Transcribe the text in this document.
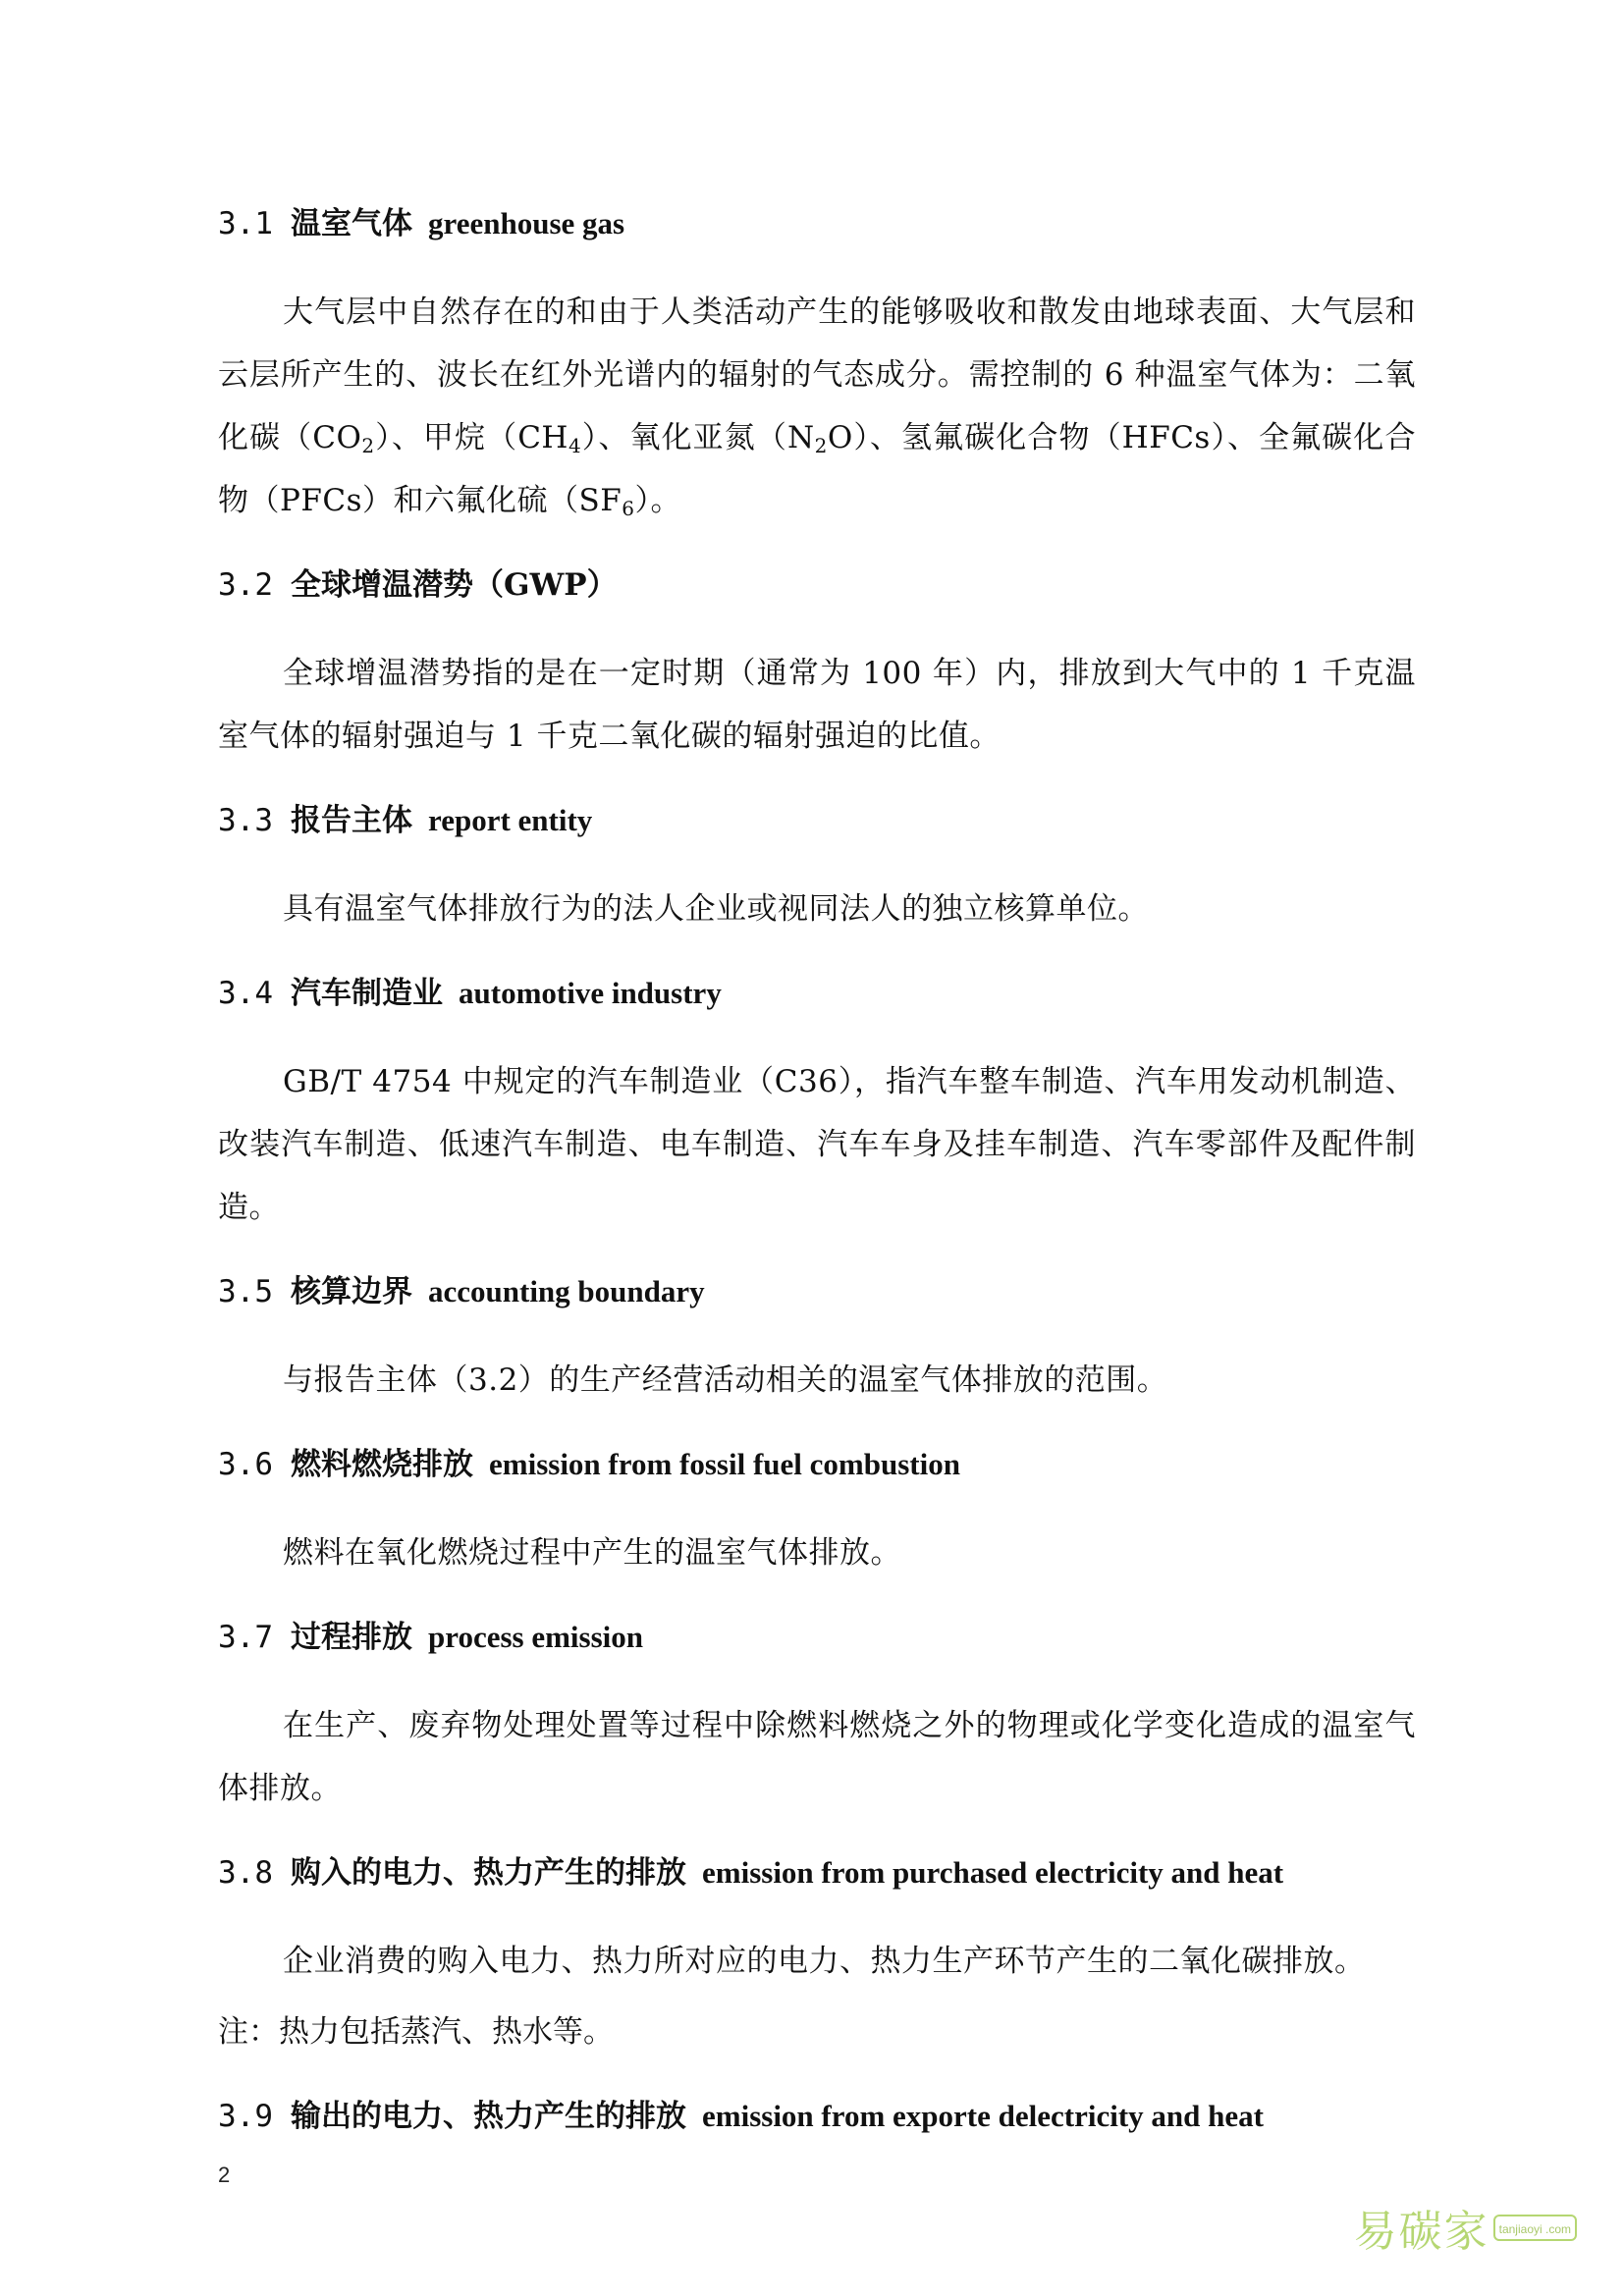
3.1 温室气体 greenhouse gas

大气层中自然存在的和由于人类活动产生的能够吸收和散发由地球表面、大气层和云层所产生的、波长在红外光谱内的辐射的气态成分。需控制的 6 种温室气体为：二氧化碳$(CO_2)$、甲烷$(CH_4)$、氧化亚氮$(N_2O)$、氢氟碳化合物（HFCs）、全氟碳化合物（PFCs）和六氟化硫$(SF_6)$。

3.2 全球增温潜势（GWP）

全球增温潜势指的是在一定时期（通常为 100 年）内，排放到大气中的 1 千克温室气体的辐射强迫与 1 千克二氧化碳的辐射强迫的比值。

3.3 报告主体 report entity

具有温室气体排放行为的法人企业或视同法人的独立核算单位。

3.4 汽车制造业 automotive industry

GB/T 4754 中规定的汽车制造业（C36），指汽车整车制造、汽车用发动机制造、改装汽车制造、低速汽车制造、电车制造、汽车车身及挂车制造、汽车零部件及配件制造。

3.5 核算边界 accounting boundary

与报告主体（3.2）的生产经营活动相关的温室气体排放的范围。

3.6 燃料燃烧排放 emission from fossil fuel combustion

燃料在氧化燃烧过程中产生的温室气体排放。

3.7 过程排放 process emission

在生产、废弃物处理处置等过程中除燃料燃烧之外的物理或化学变化造成的温室气体排放。

3.8 购入的电力、热力产生的排放 emission from purchased electricity and heat

企业消费的购入电力、热力所对应的电力、热力生产环节产生的二氧化碳排放。

注：热力包括蒸汽、热水等。

3.9 输出的电力、热力产生的排放 emission from exporte delectricity and heat
2
易碳家 tanjiaoyi .com
